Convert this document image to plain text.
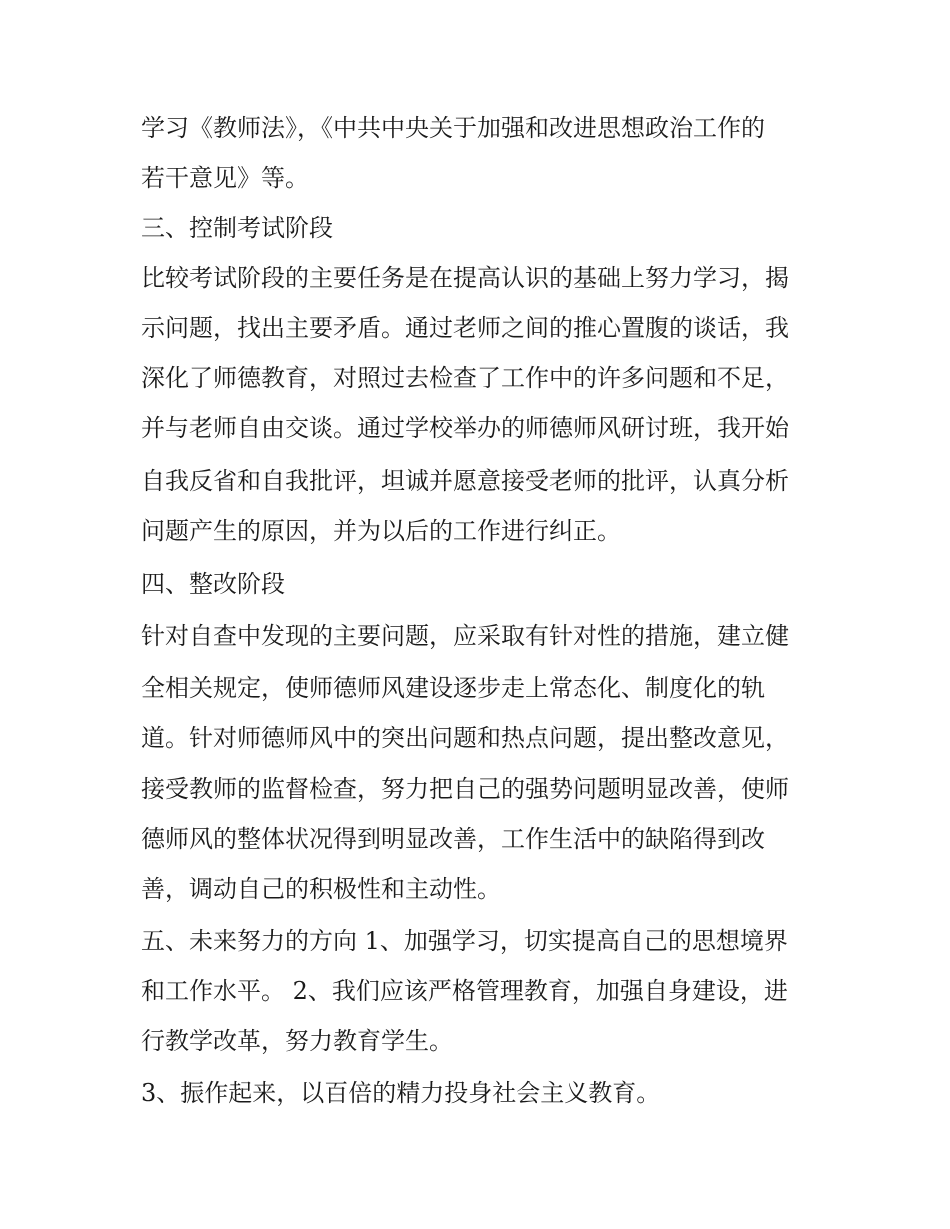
学习《教师法》，《中共中央关于加强和改进思想政治工作的
若干意见》等。
三、控制考试阶段
比较考试阶段的主要任务是在提高认识的基础上努力学习，揭
示问题，找出主要矛盾。通过老师之间的推心置腹的谈话，我
深化了师德教育，对照过去检查了工作中的许多问题和不足，
并与老师自由交谈。通过学校举办的师德师风研讨班，我开始
自我反省和自我批评，坦诚并愿意接受老师的批评，认真分析
问题产生的原因，并为以后的工作进行纠正。
四、整改阶段
针对自查中发现的主要问题，应采取有针对性的措施，建立健
全相关规定，使师德师风建设逐步走上常态化、制度化的轨
道。针对师德师风中的突出问题和热点问题，提出整改意见，
接受教师的监督检查，努力把自己的强势问题明显改善，使师
德师风的整体状况得到明显改善，工作生活中的缺陷得到改
善，调动自己的积极性和主动性。
五、未来努力的方向 1、加强学习，切实提高自己的思想境界
和工作水平。 2、我们应该严格管理教育，加强自身建设，进
行教学改革，努力教育学生。
3、振作起来，以百倍的精力投身社会主义教育。
